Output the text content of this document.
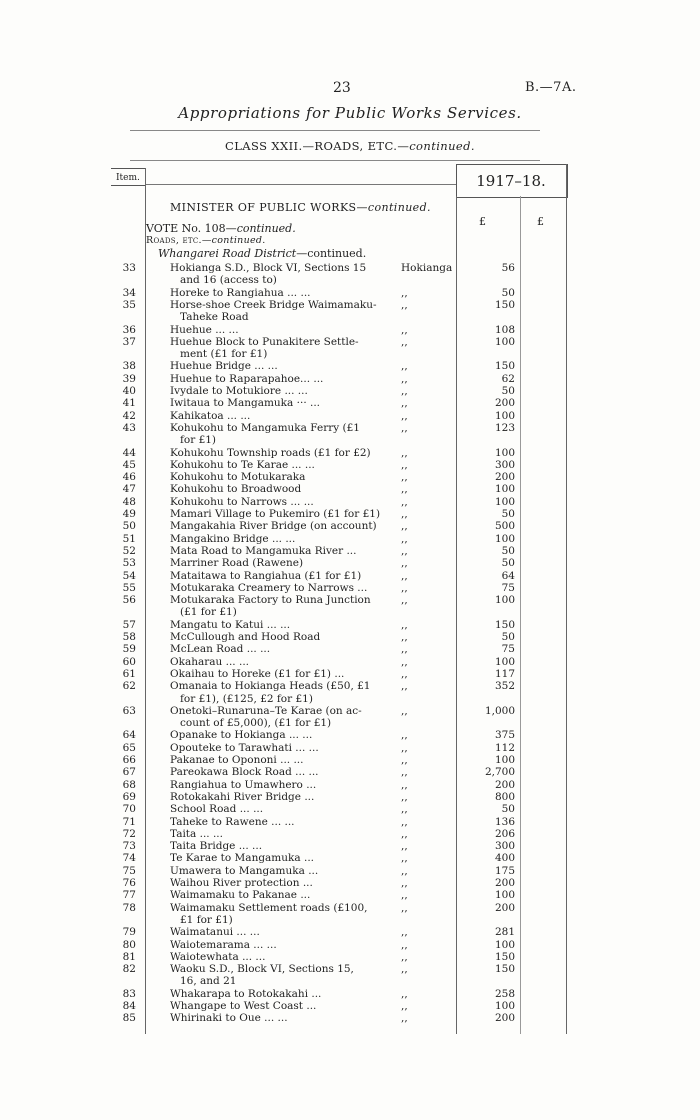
23	B.—7A.
Appropriations for Public Works Services.
CLASS XXII.—ROADS, ETC.—continued.
Item.	1917–18.
MINISTER OF PUBLIC WORKS—continued.
£	£
VOTE No. 108—continued.
Roads, etc.—continued.
Whangarei Road District—continued.
33	Hokianga S.D., Block VI, Sections 15	Hokianga	56
and 16 (access to)
34	Horeke to Rangiahua ... ...	,,	50
35	Horse-shoe Creek Bridge Waimamaku- ,,	150
Taheke Road
36	Huehue ... ...	,,	108
37	Huehue Block to Punakitere Settle-	,,	100
ment (£1 for £1)
38	Huehue Bridge ... ...	,,	150
39	Huehue to Raparapahoe... ...	,,	62
40	Ivydale to Motukiore ... ...	,,	50
41	Iwitaua to Mangamuka ··· ...	,,	200
42	Kahikatoa ... ...	,,	100
43	Kohukohu to Mangamuka Ferry (£1	,,	123
for £1)
44	Kohukohu Township roads (£1 for £2)	,,	100
45	Kohukohu to Te Karae ... ...	,,	300
46	Kohukohu to Motukaraka	,,	200
47	Kohukohu to Broadwood	,,	100
48	Kohukohu to Narrows ... ...	,,	100
49	Mamari Village to Pukemiro (£1 for £1) ,,	50
50	Mangakahia River Bridge (on account) ,,	500
51	Mangakino Bridge ... ...	,,	100
52	Mata Road to Mangamuka River ...	,,	50
53	Marriner Road (Rawene)	,,	50
54	Mataitawa to Rangiahua (£1 for £1)	,,	64
55	Motukaraka Creamery to Narrows ...	,,	75
56	Motukaraka Factory to Runa Junction	,,	100
(£1 for £1)
57	Mangatu to Katui ... ...	,,	150
58	McCullough and Hood Road	,,	50
59	McLean Road ... ...	,,	75
60	Okaharau ... ...	,,	100
61	Okaihau to Horeke (£1 for £1) ...	,,	117
62	Omanaia to Hokianga Heads (£50, £1	,,	352
for £1), (£125, £2 for £1)
63	Onetoki–Runaruna–Te Karae (on ac-	,,	1,000
count of £5,000), (£1 for £1)
64	Opanake to Hokianga ... ...	,,	375
65	Opouteke to Tarawhati ... ...	,,	112
66	Pakanae to Opononi ... ...	,,	100
67	Pareokawa Block Road ... ...	,,	2,700
68	Rangiahua to Umawhero ...	,,	200
69	Rotokakahi River Bridge ...	,,	800
70	School Road ... ...	,,	50
71	Taheke to Rawene ... ...	,,	136
72	Taita ... ...	,,	206
73	Taita Bridge ... ...	,,	300
74	Te Karae to Mangamuka ...	,,	400
75	Umawera to Mangamuka ...	,,	175
76	Waihou River protection ...	,,	200
77	Waimamaku to Pakanae ...	,,	100
78	Waimamaku Settlement roads (£100,	,,	200
£1 for £1)
79	Waimatanui ... ...	,,	281
80	Waiotemarama ... ...	,,	100
81	Waiotewhata ... ...	,,	150
82	Waoku S.D., Block VI, Sections 15,	,,	150
16, and 21
83	Whakarapa to Rotokakahi ...	,,	258
84	Whangape to West Coast ...	,,	100
85	Whirinaki to Oue ... ...	,,	200
